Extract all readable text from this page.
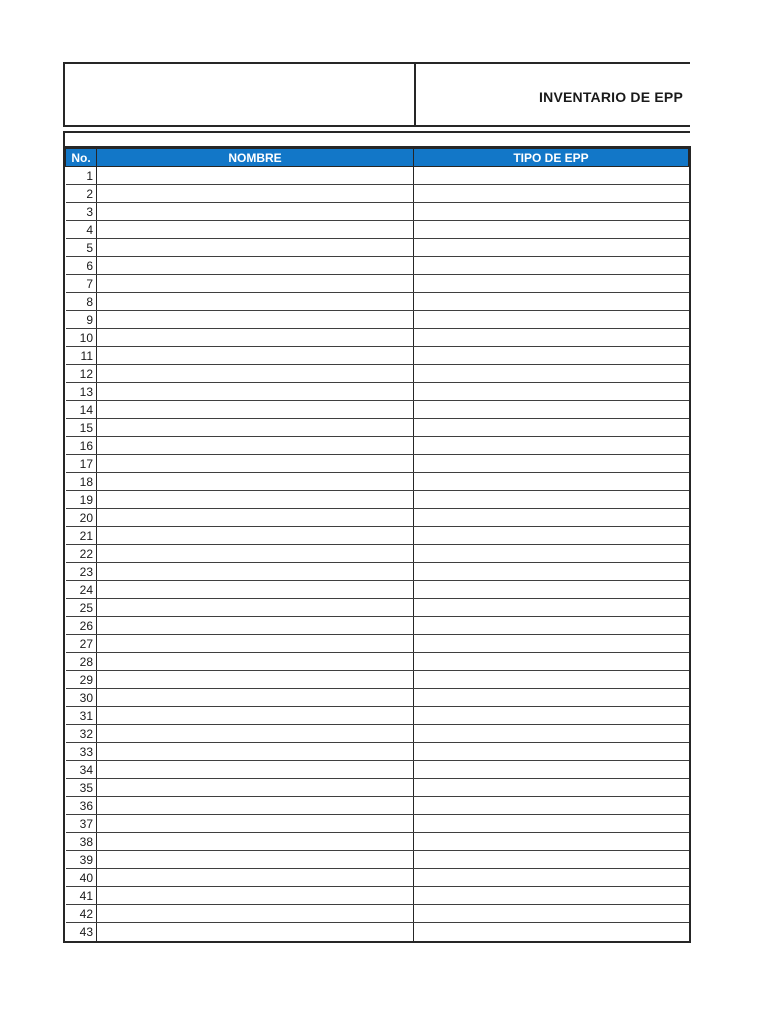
INVENTARIO DE EPP
No.	NOMBRE	TIPO DE EPP
1		
2		
3		
4		
5		
6		
7		
8		
9		
10		
11		
12		
13		
14		
15		
16		
17		
18		
19		
20		
21		
22		
23		
24		
25		
26		
27		
28		
29		
30		
31		
32		
33		
34		
35		
36		
37		
38		
39		
40		
41		
42		
43		
